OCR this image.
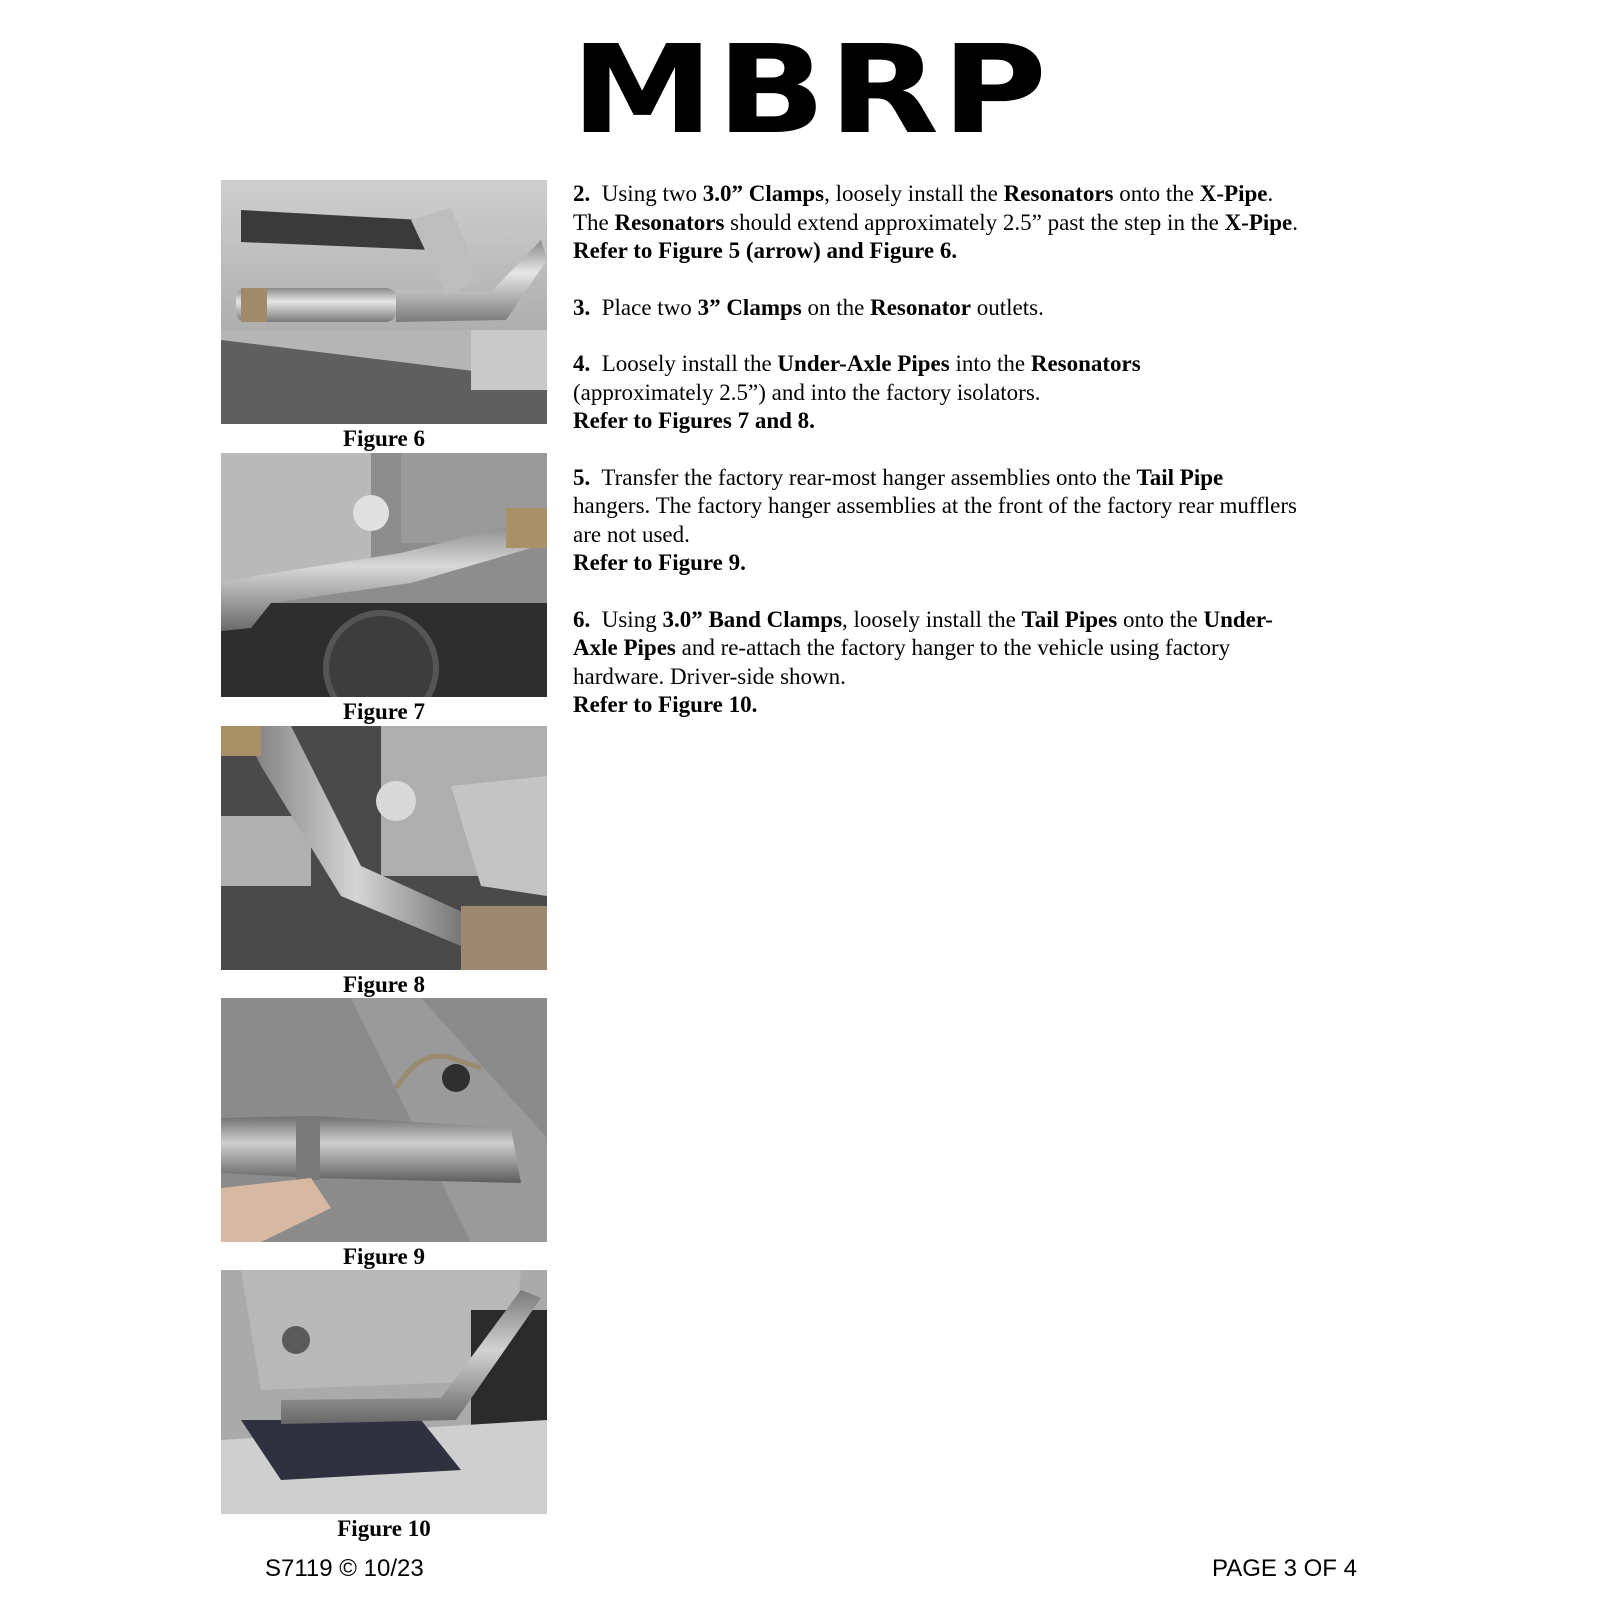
MBRP
Figure 6
Figure 7
Figure 8
Figure 9
Figure 10
2. Using two 3.0” Clamps, loosely install the Resonators onto the X-Pipe.
The Resonators should extend approximately 2.5” past the step in the X-Pipe.
Refer to Figure 5 (arrow) and Figure 6.
3. Place two 3” Clamps on the Resonator outlets.
4. Loosely install the Under-Axle Pipes into the Resonators
(approximately 2.5”) and into the factory isolators.
Refer to Figures 7 and 8.
5. Transfer the factory rear-most hanger assemblies onto the Tail Pipe
hangers. The factory hanger assemblies at the front of the factory rear mufflers
are not used.
Refer to Figure 9.
6. Using 3.0” Band Clamps, loosely install the Tail Pipes onto the Under-
Axle Pipes and re-attach the factory hanger to the vehicle using factory
hardware. Driver-side shown.
Refer to Figure 10.
S7119 © 10/23	PAGE 3 OF 4
